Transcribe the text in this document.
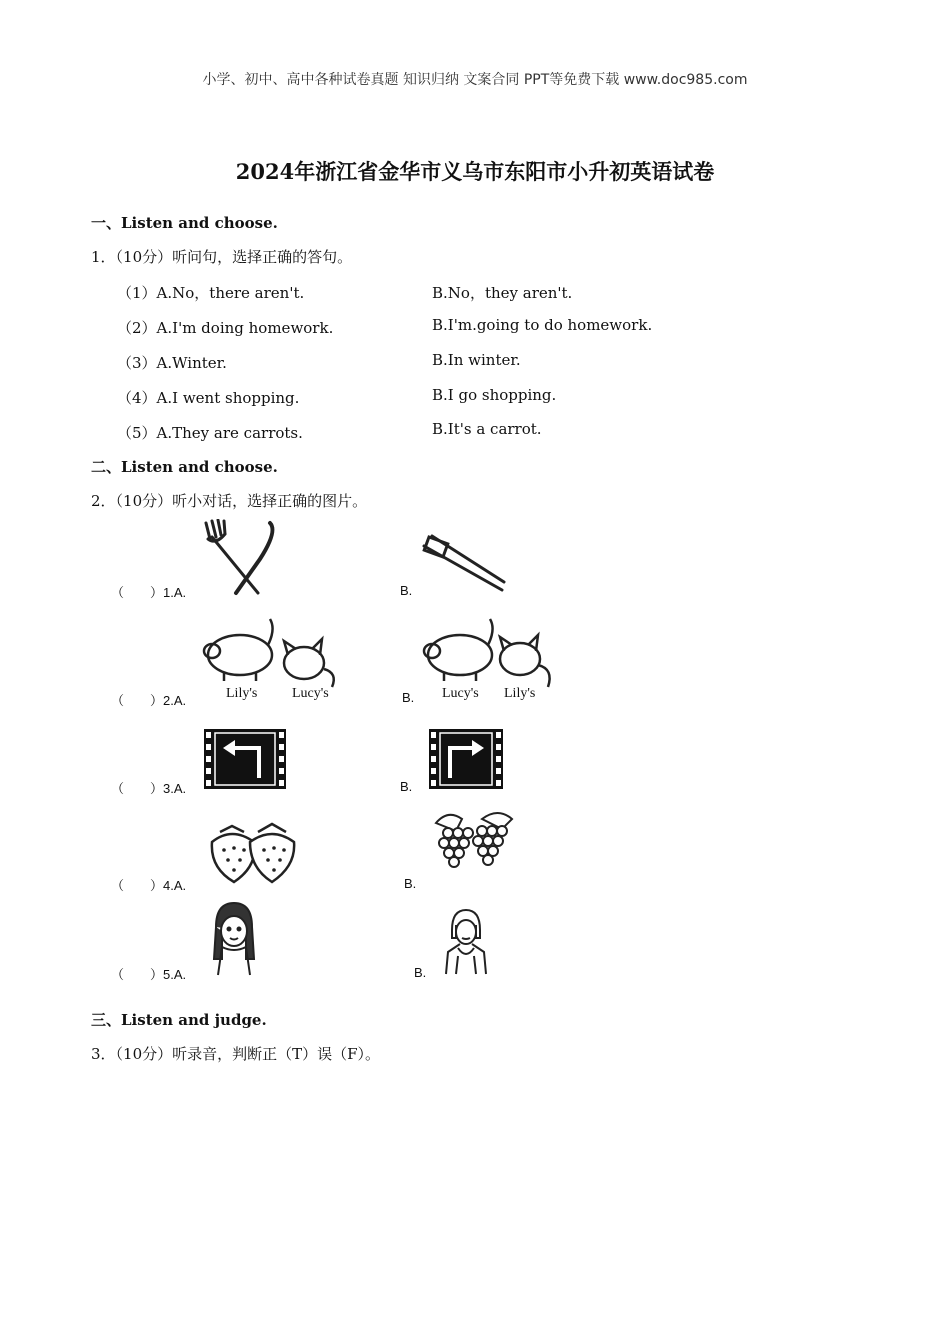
小学、初中、高中各种试卷真题 知识归纳 文案合同 PPT等免费下载 www.doc985.com
2024年浙江省金华市义乌市东阳市小升初英语试卷
一、Listen and choose.
1．（10分）听问句，选择正确的答句。
（1）A.No，there aren't.	B.No，they aren't.
（2）A.I'm doing homework.	B.I'm.going to do homework.
（3）A.Winter.	B.In winter.
（4）A.I went shopping.	B.I go shopping.
（5）A.They are carrots.	B.It's a carrot.
二、Listen and choose.
2．（10分）听小对话，选择正确的图片。
（　　）1.A.	B.
（　　）2.A.	B.
Lily's Lucy's	Lucy's Lily's
（　　）3.A.	B.
（　　）4.A.	B.
（　　）5.A.	B.
三、Listen and judge.
3．（10分）听录音，判断正（T）误（F）。
